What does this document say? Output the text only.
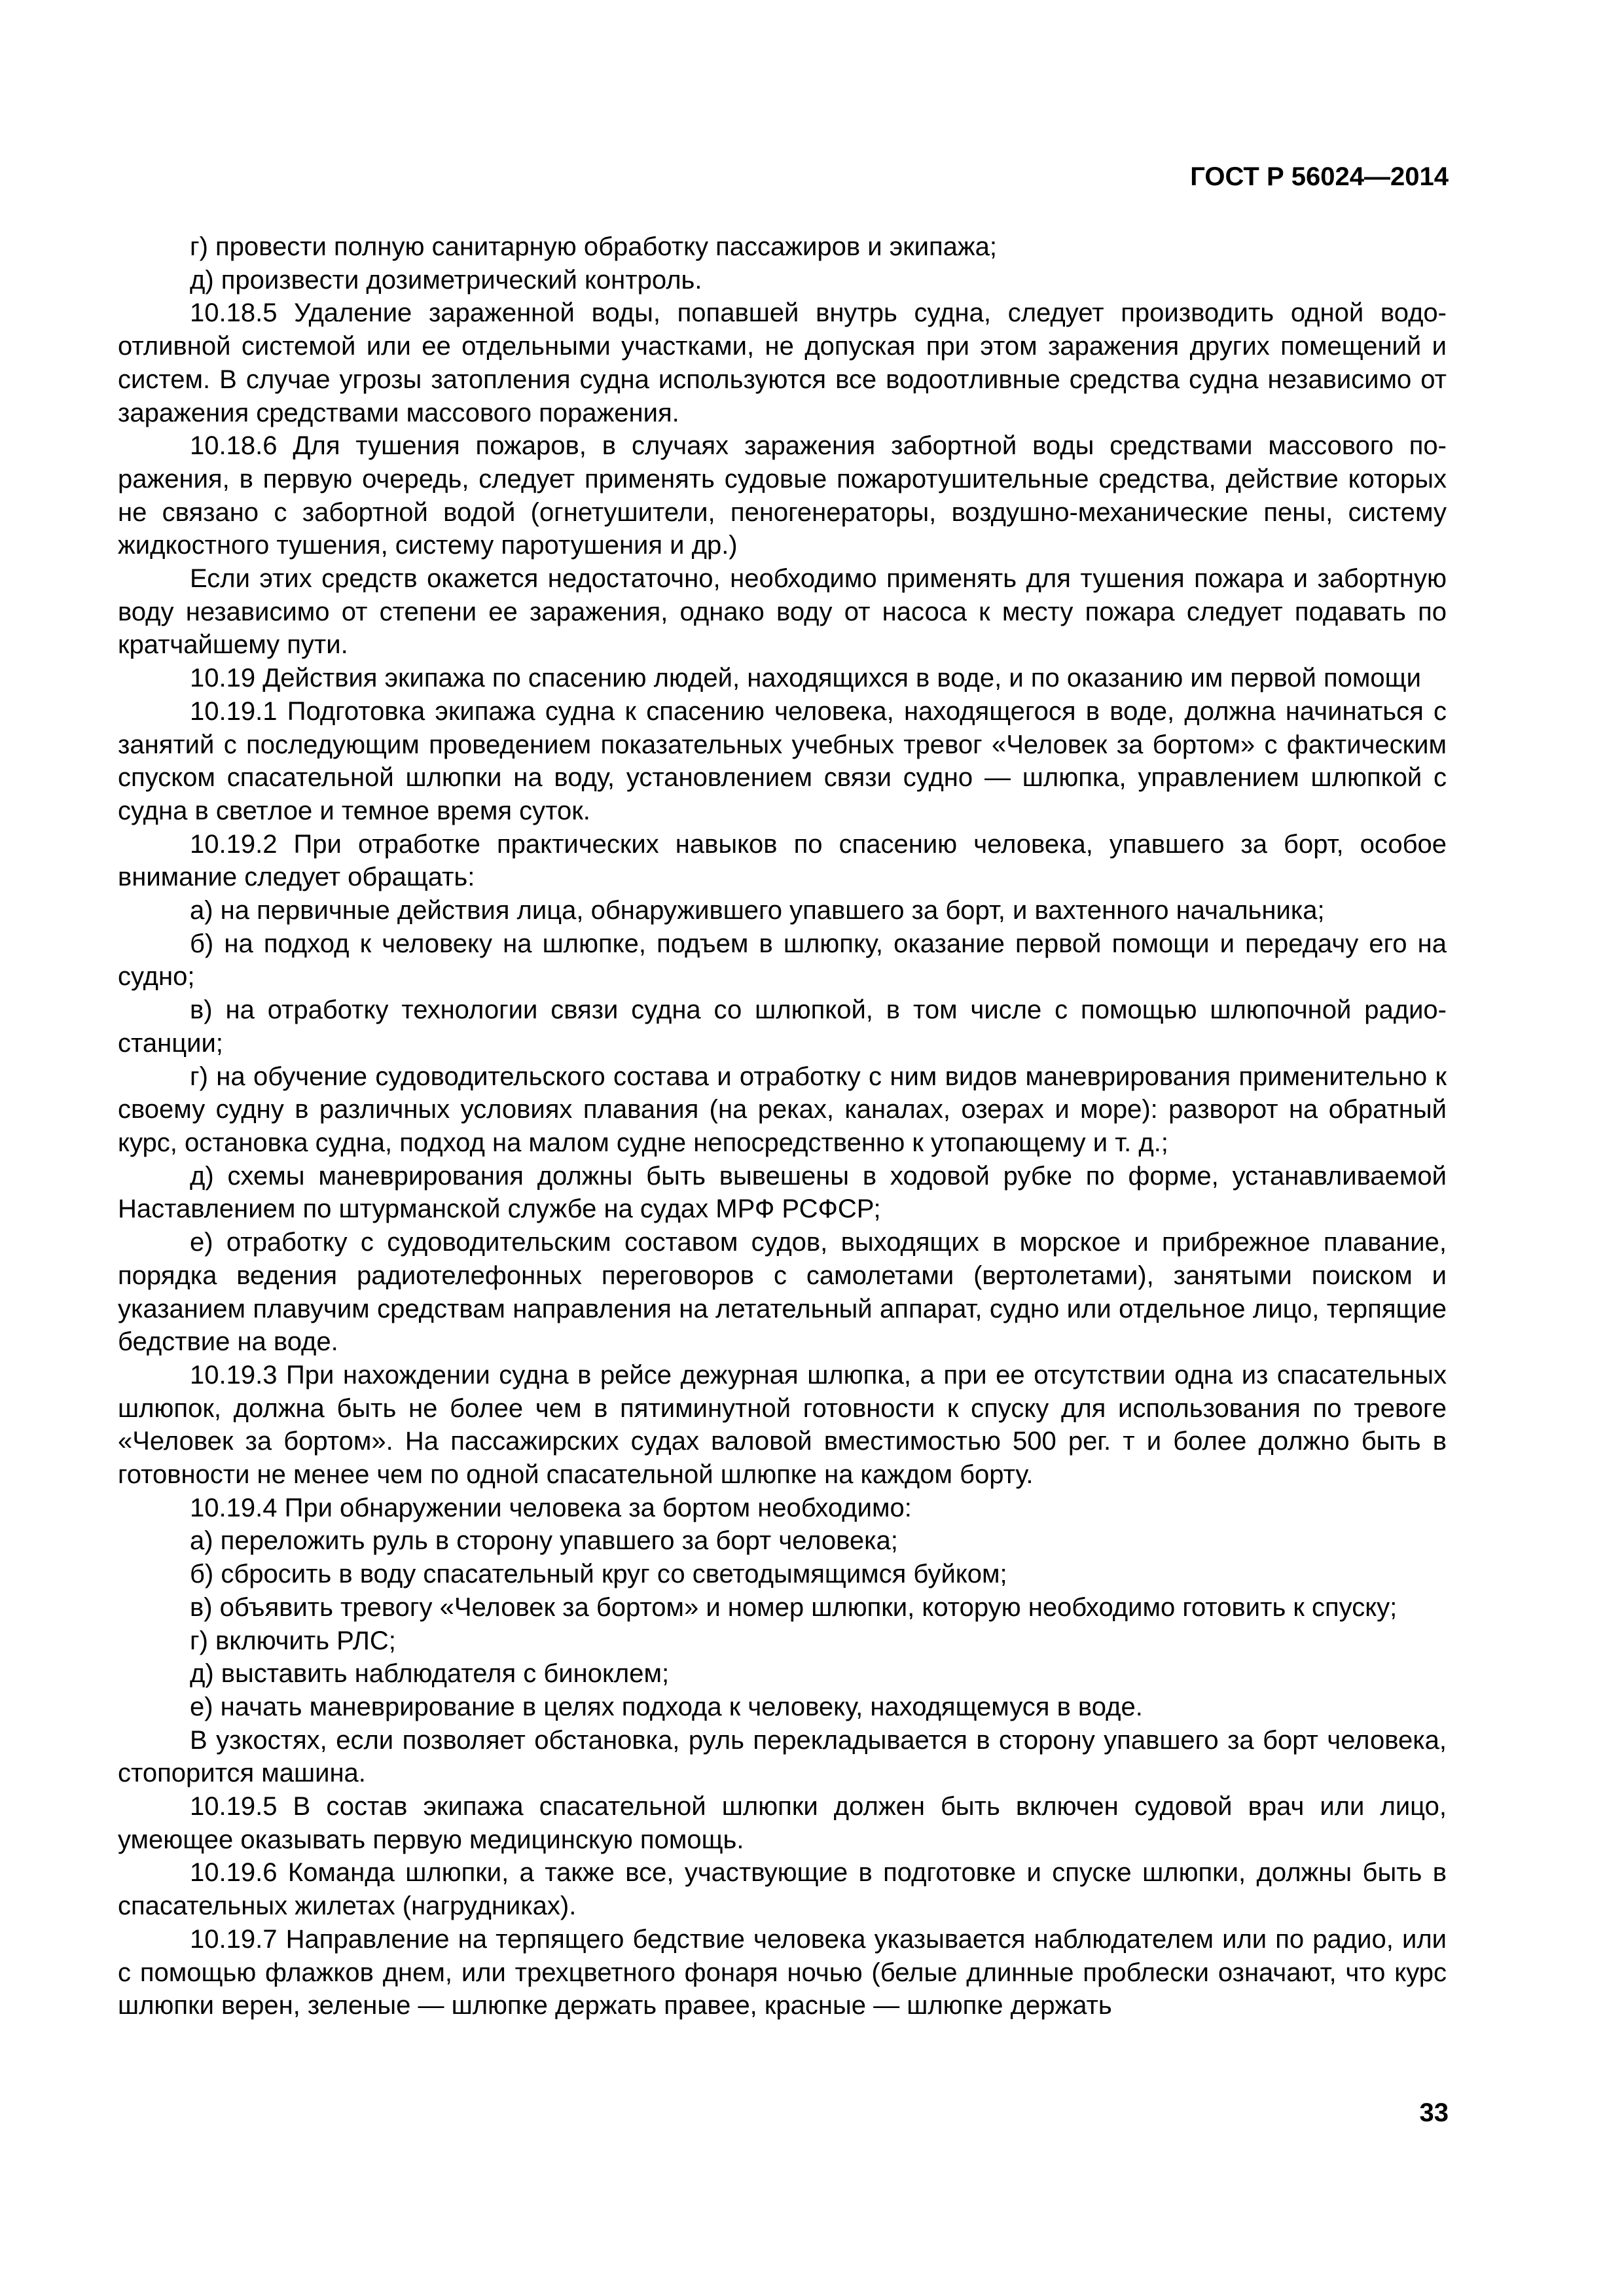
ГОСТ Р 56024—2014

г) провести полную санитарную обработку пассажиров и экипажа;

д) произвести дозиметрический контроль.

10.18.5 Удаление зараженной воды, попавшей внутрь судна, следует производить одной водоотливной системой или ее отдельными участками, не допуская при этом заражения других помещений и систем. В случае угрозы затопления судна используются все водоотливные средства судна независимо от заражения средствами массового поражения.

10.18.6 Для тушения пожаров, в случаях заражения забортной воды средствами массового поражения, в первую очередь, следует применять судовые пожаротушительные средства, действие которых не связано с забортной водой (огнетушители, пеногенераторы, воздушно-механические пены, систему жидкостного тушения, систему паротушения и др.)

Если этих средств окажется недостаточно, необходимо применять для тушения пожара и забортную воду независимо от степени ее заражения, однако воду от насоса к месту пожара следует подавать по кратчайшему пути.

10.19 Действия экипажа по спасению людей, находящихся в воде, и по оказанию им первой помощи

10.19.1 Подготовка экипажа судна к спасению человека, находящегося в воде, должна начинаться с занятий с последующим проведением показательных учебных тревог «Человек за бортом» с фактическим спуском спасательной шлюпки на воду, установлением связи судно — шлюпка, управлением шлюпкой с судна в светлое и темное время суток.

10.19.2 При отработке практических навыков по спасению человека, упавшего за борт, особое внимание следует обращать:

а) на первичные действия лица, обнаружившего упавшего за борт, и вахтенного начальника;

б) на подход к человеку на шлюпке, подъем в шлюпку, оказание первой помощи и передачу его на судно;

в) на отработку технологии связи судна со шлюпкой, в том числе с помощью шлюпочной радиостанции;

г) на обучение судоводительского состава и отработку с ним видов маневрирования применительно к своему судну в различных условиях плавания (на реках, каналах, озерах и море): разворот на обратный курс, остановка судна, подход на малом судне непосредственно к утопающему и т. д.;

д) схемы маневрирования должны быть вывешены в ходовой рубке по форме, устанавливаемой Наставлением по штурманской службе на судах МРФ РСФСР;

е) отработку с судоводительским составом судов, выходящих в морское и прибрежное плавание, порядка ведения радиотелефонных переговоров с самолетами (вертолетами), занятыми поиском и указанием плавучим средствам направления на летательный аппарат, судно или отдельное лицо, терпящие бедствие на воде.

10.19.3 При нахождении судна в рейсе дежурная шлюпка, а при ее отсутствии одна из спасательных шлюпок, должна быть не более чем в пятиминутной готовности к спуску для использования по тревоге «Человек за бортом». На пассажирских судах валовой вместимостью 500 рег. т и более должно быть в готовности не менее чем по одной спасательной шлюпке на каждом борту.

10.19.4 При обнаружении человека за бортом необходимо:

а) переложить руль в сторону упавшего за борт человека;

б) сбросить в воду спасательный круг со светодымящимся буйком;

в) объявить тревогу «Человек за бортом» и номер шлюпки, которую необходимо готовить к спуску;

г) включить РЛС;

д) выставить наблюдателя с биноклем;

е) начать маневрирование в целях подхода к человеку, находящемуся в воде.

В узкостях, если позволяет обстановка, руль перекладывается в сторону упавшего за борт человека, стопорится машина.

10.19.5 В состав экипажа спасательной шлюпки должен быть включен судовой врач или лицо, умеющее оказывать первую медицинскую помощь.

10.19.6 Команда шлюпки, а также все, участвующие в подготовке и спуске шлюпки, должны быть в спасательных жилетах (нагрудниках).

10.19.7 Направление на терпящего бедствие человека указывается наблюдателем или по радио, или с помощью флажков днем, или трехцветного фонаря ночью (белые длинные проблески означают, что курс шлюпки верен, зеленые — шлюпке держать правее, красные — шлюпке держать

33
